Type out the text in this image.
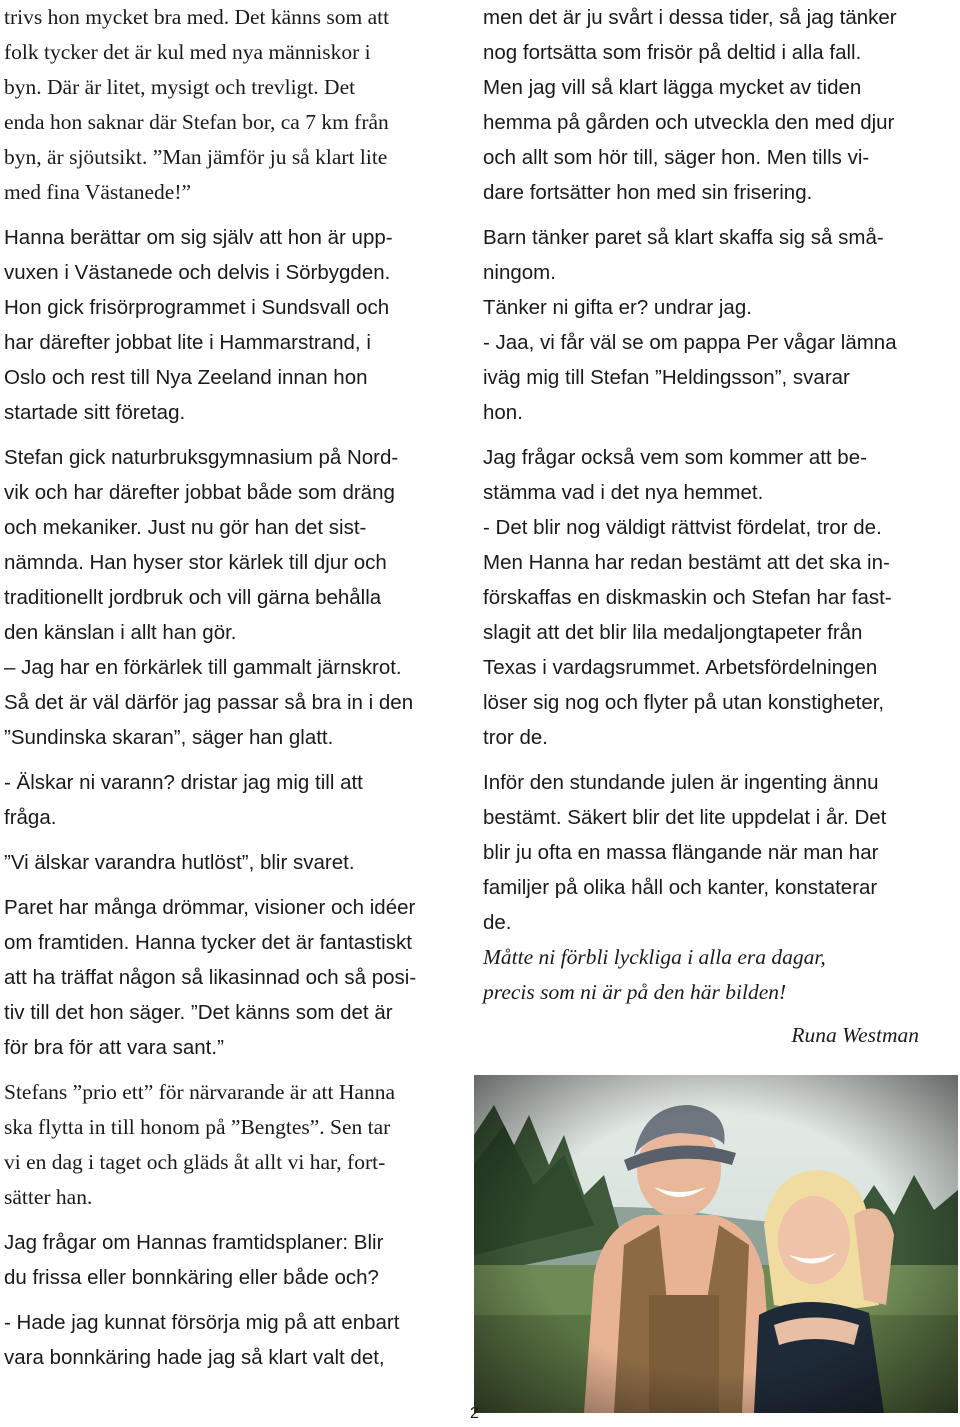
trivs hon mycket bra med. Det känns som att
folk tycker det är kul med nya människor i
byn. Där är litet, mysigt och trevligt. Det
enda hon saknar där Stefan bor, ca 7 km från
byn, är sjöutsikt. ”Man jämför ju så klart lite
med fina Västanede!”
Hanna berättar om sig själv att hon är upp-
vuxen i Västanede och delvis i Sörbygden.
Hon gick frisörprogrammet i Sundsvall och
har därefter jobbat lite i Hammarstrand, i
Oslo och rest till Nya Zeeland innan hon
startade sitt företag.
Stefan gick naturbruksgymnasium på Nord-
vik och har därefter jobbat både som dräng
och mekaniker. Just nu gör han det sist-
nämnda. Han hyser stor kärlek till djur och
traditionellt jordbruk och vill gärna behålla
den känslan i allt han gör.
– Jag har en förkärlek till gammalt järnskrot.
Så det är väl därför jag passar så bra in i den
”Sundinska skaran”, säger han glatt.
- Älskar ni varann? dristar jag mig till att
fråga.
”Vi älskar varandra hutlöst”, blir svaret.
Paret har många drömmar, visioner och idéer
om framtiden. Hanna tycker det är fantastiskt
att ha träffat någon så likasinnad och så posi-
tiv till det hon säger. ”Det känns som det är
för bra för att vara sant.”
Stefans ”prio ett” för närvarande är att Hanna
ska flytta in till honom på ”Bengtes”. Sen tar
vi en dag i taget och gläds åt allt vi har, fort-
sätter han.
Jag frågar om Hannas framtidsplaner: Blir
du frissa eller bonnkäring eller både och?
- Hade jag kunnat försörja mig på att enbart
vara bonnkäring hade jag så klart valt det,
men det är ju svårt i dessa tider, så jag tänker
nog fortsätta som frisör på deltid i alla fall.
Men jag vill så klart lägga mycket av tiden
hemma på gården och utveckla den med djur
och allt som hör till, säger hon. Men tills vi-
dare fortsätter hon med sin frisering.
Barn tänker paret så klart skaffa sig så små-
ningom.
Tänker ni gifta er? undrar jag.
- Jaa, vi får väl se om pappa Per vågar lämna
iväg mig till Stefan ”Heldingsson”, svarar
hon.
Jag frågar också vem som kommer att be-
stämma vad i det nya hemmet.
- Det blir nog väldigt rättvist fördelat, tror de.
Men Hanna har redan bestämt att det ska in-
förskaffas en diskmaskin och Stefan har fast-
slagit att det blir lila medaljongtapeter från
Texas i vardagsrummet. Arbetsfördelningen
löser sig nog och flyter på utan konstigheter,
tror de.
Inför den stundande julen är ingenting ännu
bestämt. Säkert blir det lite uppdelat i år. Det
blir ju ofta en massa flängande när man har
familjer på olika håll och kanter, konstaterar
de.
Måtte ni förbli lyckliga i alla era dagar,
precis som ni är på den här bilden!
Runa Westman
2
